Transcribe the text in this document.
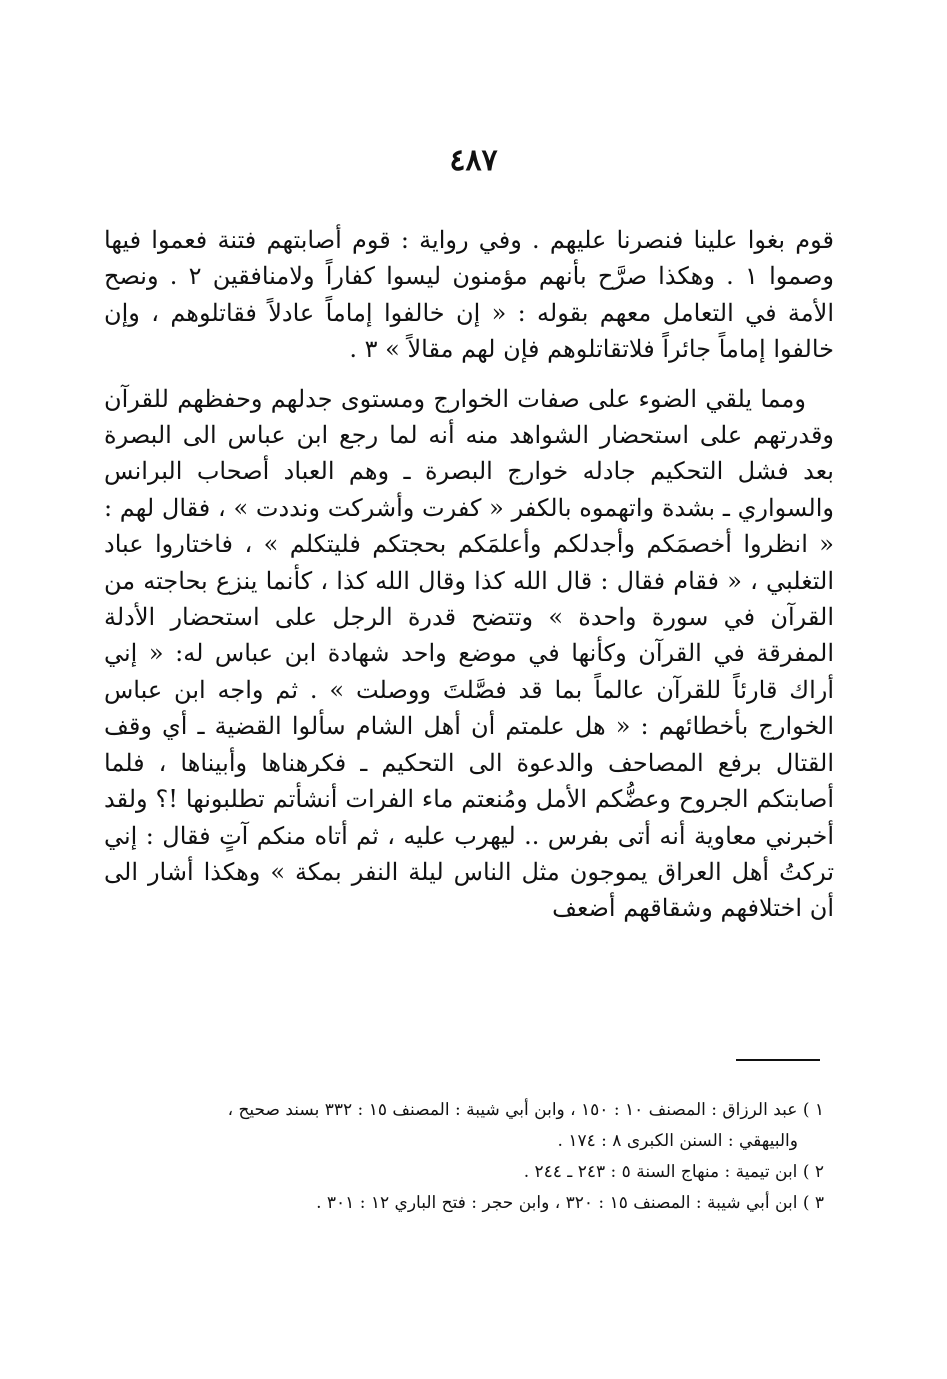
٤٨٧

قوم بغوا علينا فنصرنا عليهم . وفي رواية : قوم أصابتهم فتنة فعموا فيها وصموا ١ . وهكذا صرَّح بأنهم مؤمنون ليسوا كفاراً ولامنافقين ٢ . ونصح الأمة في التعامل معهم بقوله : « إن خالفوا إماماً عادلاً فقاتلوهم ، وإن خالفوا إماماً جائراً فلاتقاتلوهم فإن لهم مقالاً » ٣ .

ومما يلقي الضوء على صفات الخوارج ومستوى جدلهم وحفظهم للقرآن وقدرتهم على استحضار الشواهد منه أنه لما رجع ابن عباس الى البصرة بعد فشل التحكيم جادله خوارج البصرة ـ وهم العباد أصحاب البرانس والسواري ـ بشدة واتهموه بالكفر « كفرت وأشركت ونددت » ، فقال لهم : « انظروا أخصمَكم وأجدلكم وأعلمَكم بحجتكم فليتكلم » ، فاختاروا عباد التغلبي ، « فقام فقال : قال الله كذا وقال الله كذا ، كأنما ينزع بحاجته من القرآن في سورة واحدة » وتتضح قدرة الرجل على استحضار الأدلة المفرقة في القرآن وكأنها في موضع واحد شهادة ابن عباس له: « إني أراك قارئاً للقرآن عالماً بما قد فصَّلتَ ووصلت » . ثم واجه ابن عباس الخوارج بأخطائهم : « هل علمتم أن أهل الشام سألوا القضية ـ أي وقف القتال برفع المصاحف والدعوة الى التحكيم ـ فكرهناها وأبيناها ، فلما أصابتكم الجروح وعضُّكم الأمل ومُنعتم ماء الفرات أنشأتم تطلبونها !؟ ولقد أخبرني معاوية أنه أتى بفرس .. ليهرب عليه ، ثم أتاه منكم آتٍ فقال : إني تركتُ أهل العراق يموجون مثل الناس ليلة النفر بمكة » وهكذا أشار الى أن اختلافهم وشقاقهم أضعف

١ ) عبد الرزاق : المصنف ١٠ : ١٥٠ ، وابن أبي شيبة : المصنف ١٥ : ٣٣٢ بسند صحيح ،
والبيهقي : السنن الكبرى ٨ : ١٧٤ .
٢ ) ابن تيمية : منهاج السنة ٥ : ٢٤٣ ـ ٢٤٤ .
٣ ) ابن أبي شيبة : المصنف ١٥ : ٣٢٠ ، وابن حجر : فتح الباري ١٢ : ٣٠١ .
